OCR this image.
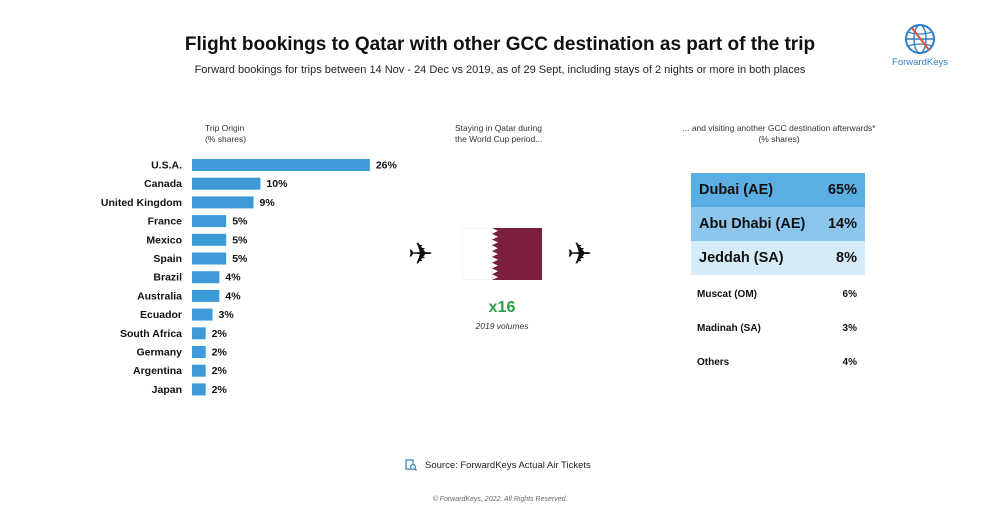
Flight bookings to Qatar with other GCC destination as part of the trip
Forward bookings for trips between 14 Nov - 24 Dec vs 2019, as of 29 Sept, including stays of 2 nights or more in both places
ForwardKeys
Trip Origin
(% shares)
Staying in Qatar during
the World Cup period...
... and visiting another GCC destination afterwards*
(% shares)
U.S.A.	26%
Canada	10%
United Kingdom	9%
France	5%
Mexico	5%
Spain	5%
Brazil	4%
Australia	4%
Ecuador	3%
South Africa	2%
Germany	2%
Argentina	2%
Japan	2%
✈	✈
x16
2019 volumes
Dubai (AE)	65%
Abu Dhabi (AE) 14%
Jeddah (SA)	8%
Muscat (OM)	6%
Madinah (SA)	3%
Others	4%
Source: ForwardKeys Actual Air Tickets
© ForwardKeys, 2022. All Rights Reserved.
